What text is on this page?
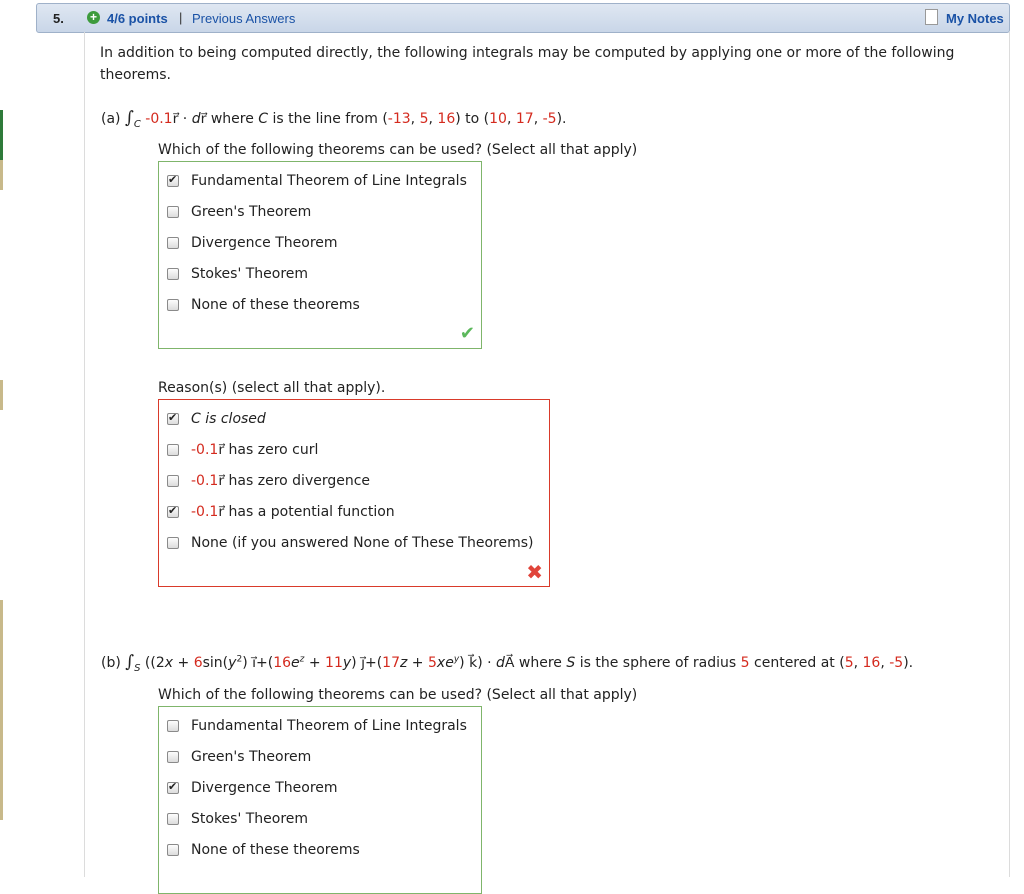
5. + 4/6 points | Previous Answers	My Notes
In addition to being computed directly, the following integrals may be computed by applying one or more of the following theorems.
(a) $\int_C$ -0.1r⃗ · dr⃗ where C is the line from (-13, 5, 16) to (10, 17, -5).
Which of the following theorems can be used? (Select all that apply)
✔Fundamental Theorem of Line Integrals
Green's Theorem
Divergence Theorem
Stokes' Theorem
None of these theorems
✔
Reason(s) (select all that apply).
✔C is closed
-0.1r⃗ has zero curl
-0.1r⃗ has zero divergence
✔-0.1r⃗ has a potential function
None (if you answered None of These Theorems)
✖
(b) $\int_S$ (($2x + 6\sin(y^2)$ $i⃗+(16e^z + 11y)$ j⃗+(17z + $5xe^y$) k⃗) · dA⃗ where S is the sphere of radius 5 centered at (5, 16, -5).
Which of the following theorems can be used? (Select all that apply)
Fundamental Theorem of Line Integrals
Green's Theorem
✔Divergence Theorem
Stokes' Theorem
None of these theorems
